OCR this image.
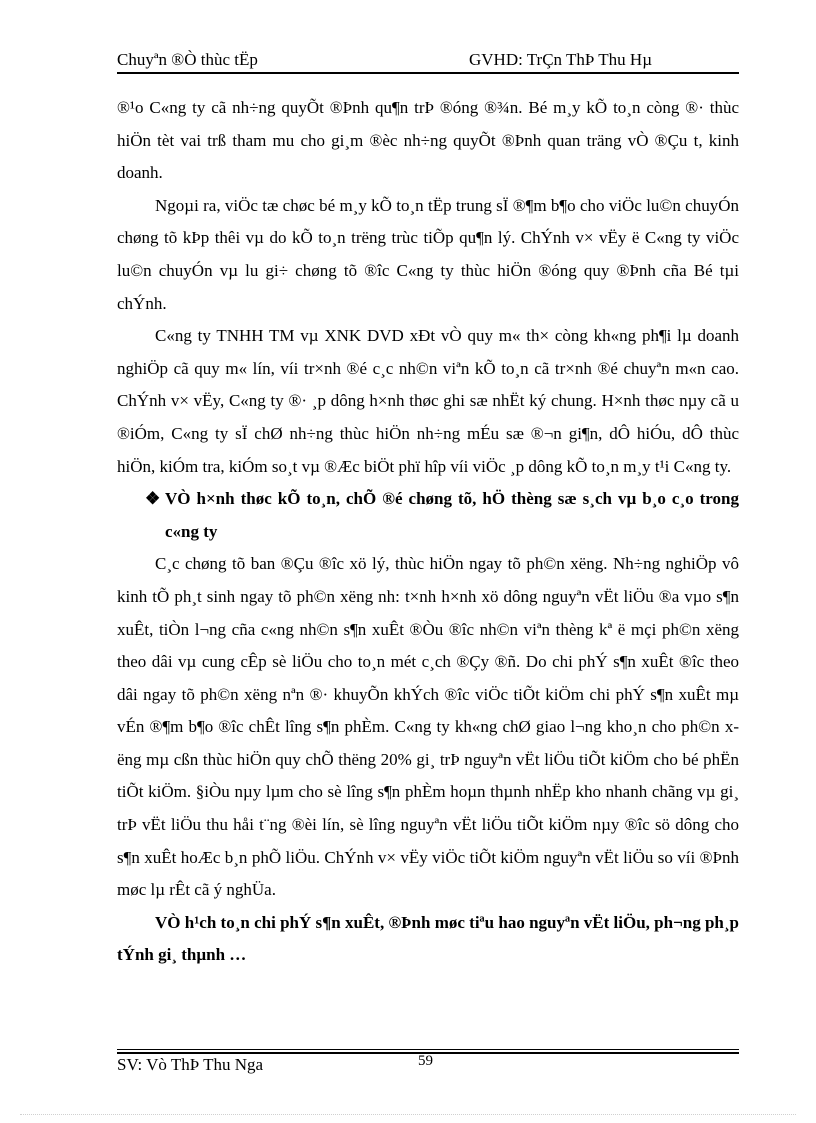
Chuyªn ®Ò thùc tËp	GVHD: TrÇn ThÞ Thu Hµ

®¹o C«ng ty cã nh÷ng quyÕt ®Þnh qu¶n trÞ ®óng ®¾n. Bé m¸y kÕ to¸n còng ®· thùc hiÖn tèt vai trß tham mu cho gi¸m ®èc nh÷ng quyÕt ®Þnh quan träng vÒ ®Çu t, kinh doanh.

Ngoµi ra, viÖc tæ chøc bé m¸y kÕ to¸n tËp trung sÏ ®¶m b¶o cho viÖc lu©n chuyÓn chøng tõ kÞp thêi vµ do kÕ to¸n trëng trùc tiÕp qu¶n lý. ChÝnh v× vËy ë C«ng ty viÖc lu©n chuyÓn vµ lu gi÷ chøng tõ ®îc C«ng ty thùc hiÖn ®óng quy ®Þnh cña Bé tµi chÝnh.

C«ng ty TNHH TM vµ XNK DVD xÐt vÒ quy m« th× còng kh«ng ph¶i lµ doanh nghiÖp cã quy m« lín, víi tr×nh ®é c¸c nh©n viªn kÕ to¸n cã tr×nh ®é chuyªn m«n cao. ChÝnh v× vËy, C«ng ty ®· ¸p dông h×nh thøc ghi sæ nhËt ký chung. H×nh thøc nµy cã u ®iÓm, C«ng ty sÏ chØ nh÷ng thùc hiÖn nh÷ng mÉu sæ ®¬n gi¶n, dÔ hiÓu, dÔ thùc hiÖn, kiÓm tra, kiÓm so¸t vµ ®Æc biÖt phï hîp víi viÖc ¸p dông kÕ to¸n m¸y t¹i C«ng ty.

❖ VÒ h×nh thøc kÕ to¸n, chÕ ®é chøng tõ, hÖ thèng sæ s¸ch vµ b¸o c¸o trong c«ng ty

C¸c chøng tõ ban ®Çu ®îc xö lý, thùc hiÖn ngay tõ ph©n xëng. Nh÷ng nghiÖp vô kinh tÕ ph¸t sinh ngay tõ ph©n xëng nh: t×nh h×nh xö dông nguyªn vËt liÖu ®a vµo s¶n xuÊt, tiÒn l¬ng cña c«ng nh©n s¶n xuÊt ®Òu ®îc nh©n viªn thèng kª ë mçi ph©n xëng theo dâi vµ cung cÊp sè liÖu cho to¸n mét c¸ch ®Çy ®ñ. Do chi phÝ s¶n xuÊt ®îc theo dâi ngay tõ ph©n xëng nªn ®· khuyÕn khÝch ®îc viÖc tiÕt kiÖm chi phÝ s¶n xuÊt mµ vÉn ®¶m b¶o ®îc chÊt lîng s¶n phÈm. C«ng ty kh«ng chØ giao l¬ng kho¸n cho ph©n xëng mµ cßn thùc hiÖn quy chÕ thëng 20% gi¸ trÞ nguyªn vËt liÖu tiÕt kiÖm cho bé phËn tiÕt kiÖm. §iÒu nµy lµm cho sè lîng s¶n phÈm hoµn thµnh nhËp kho nhanh chãng vµ gi¸ trÞ vËt liÖu thu håi t¨ng ®èi lín, sè lîng nguyªn vËt liÖu tiÕt kiÖm nµy ®îc sö dông cho s¶n xuÊt hoÆc b¸n phÕ liÖu. ChÝnh v× vËy viÖc tiÕt kiÖm nguyªn vËt liÖu so víi ®Þnh møc lµ rÊt cã ý nghÜa.

VÒ h¹ch to¸n chi phÝ s¶n xuÊt, ®Þnh møc tiªu hao nguyªn vËt liÖu, ph¬ng ph¸p tÝnh gi¸ thµnh …

SV: Vò ThÞ Thu Nga	59
